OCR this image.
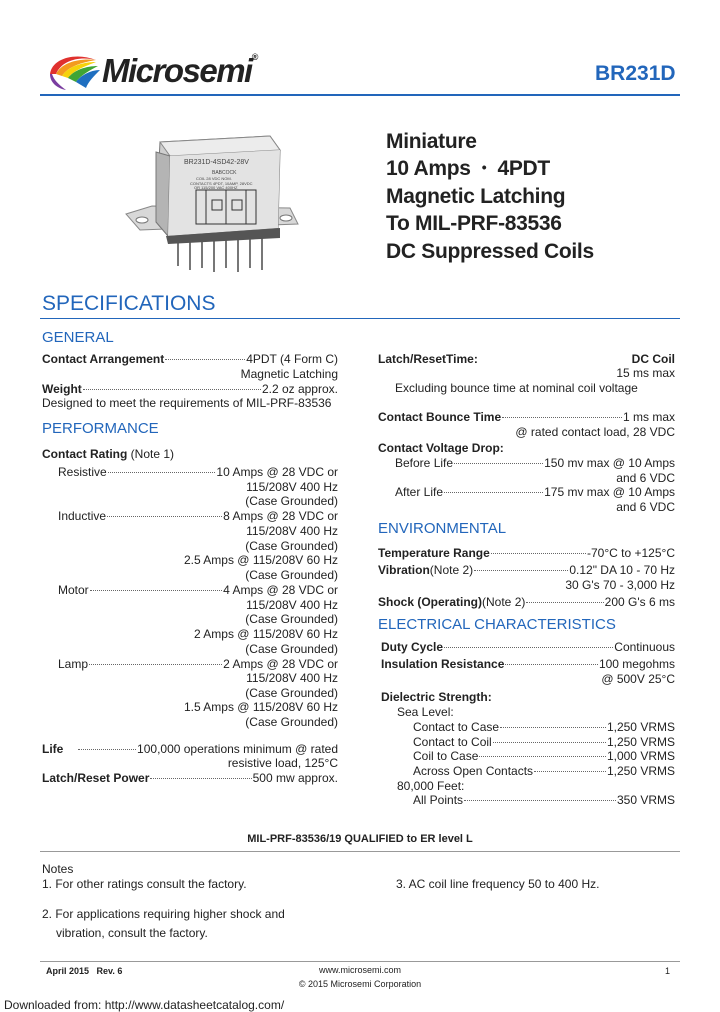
Microsemi®
BR231D
BR231D-4SD42-28V
BABCOCK
COIL 28 VDC NOM.
CONTACTS 4PDT, 10AMP, 28VDC
OR 115/200 VAC 400HZ
Miniature
10 Amps • 4PDT
Magnetic Latching
To MIL-PRF-83536
DC Suppressed Coils
SPECIFICATIONS
GENERAL
Contact Arrangement	4PDT (4 Form C)
Magnetic Latching
Weight	2.2 oz approx.
Designed to meet the requirements of MIL-PRF-83536
PERFORMANCE
Contact Rating (Note 1)
Resistive	10 Amps @ 28 VDC or
115/208V 400 Hz
(Case Grounded)
Inductive	8 Amps @ 28 VDC or
115/208V 400 Hz
(Case Grounded)
2.5 Amps @ 115/208V 60 Hz
(Case Grounded)
Motor	4 Amps @ 28 VDC or
115/208V 400 Hz
(Case Grounded)
2 Amps @ 115/208V 60 Hz
(Case Grounded)
Lamp	2 Amps @ 28 VDC or
115/208V 400 Hz
(Case Grounded)
1.5 Amps @ 115/208V 60 Hz
(Case Grounded)
Life	100,000 operations minimum @ rated
resistive load, 125°C
Latch/Reset Power	500 mw approx.
Latch/Reset Time:	DC Coil
15 ms max
Excluding bounce time at nominal coil voltage
Contact Bounce Time	1 ms max
@ rated contact load, 28 VDC
Contact Voltage Drop:
Before Life	150 mv max @ 10 Amps
and 6 VDC
After Life	175 mv max @ 10 Amps
and 6 VDC
ENVIRONMENTAL
Temperature Range	-70°C to +125°C
Vibration (Note 2)	0.12" DA 10 - 70 Hz
30 G's 70 - 3,000 Hz
Shock (Operating) (Note 2)	200 G's 6 ms
ELECTRICAL CHARACTERISTICS
Duty Cycle	Continuous
Insulation Resistance	100 megohms
@ 500V 25°C
Dielectric Strength:
Sea Level:
Contact to Case	1,250 VRMS
Contact to Coil	1,250 VRMS
Coil to Case	1,000 VRMS
Across Open Contacts	1,250 VRMS
80,000 Feet:
All Points	350 VRMS
MIL-PRF-83536/19 QUALIFIED to ER level L
Notes
1. For other ratings consult the factory.
2. For applications requiring higher shock and
vibration, consult the factory.
3. AC coil line frequency 50 to 400 Hz.
April 2015 Rev. 6	www.microsemi.com
© 2015 Microsemi Corporation
1
Downloaded from: http://www.datasheetcatalog.com/
